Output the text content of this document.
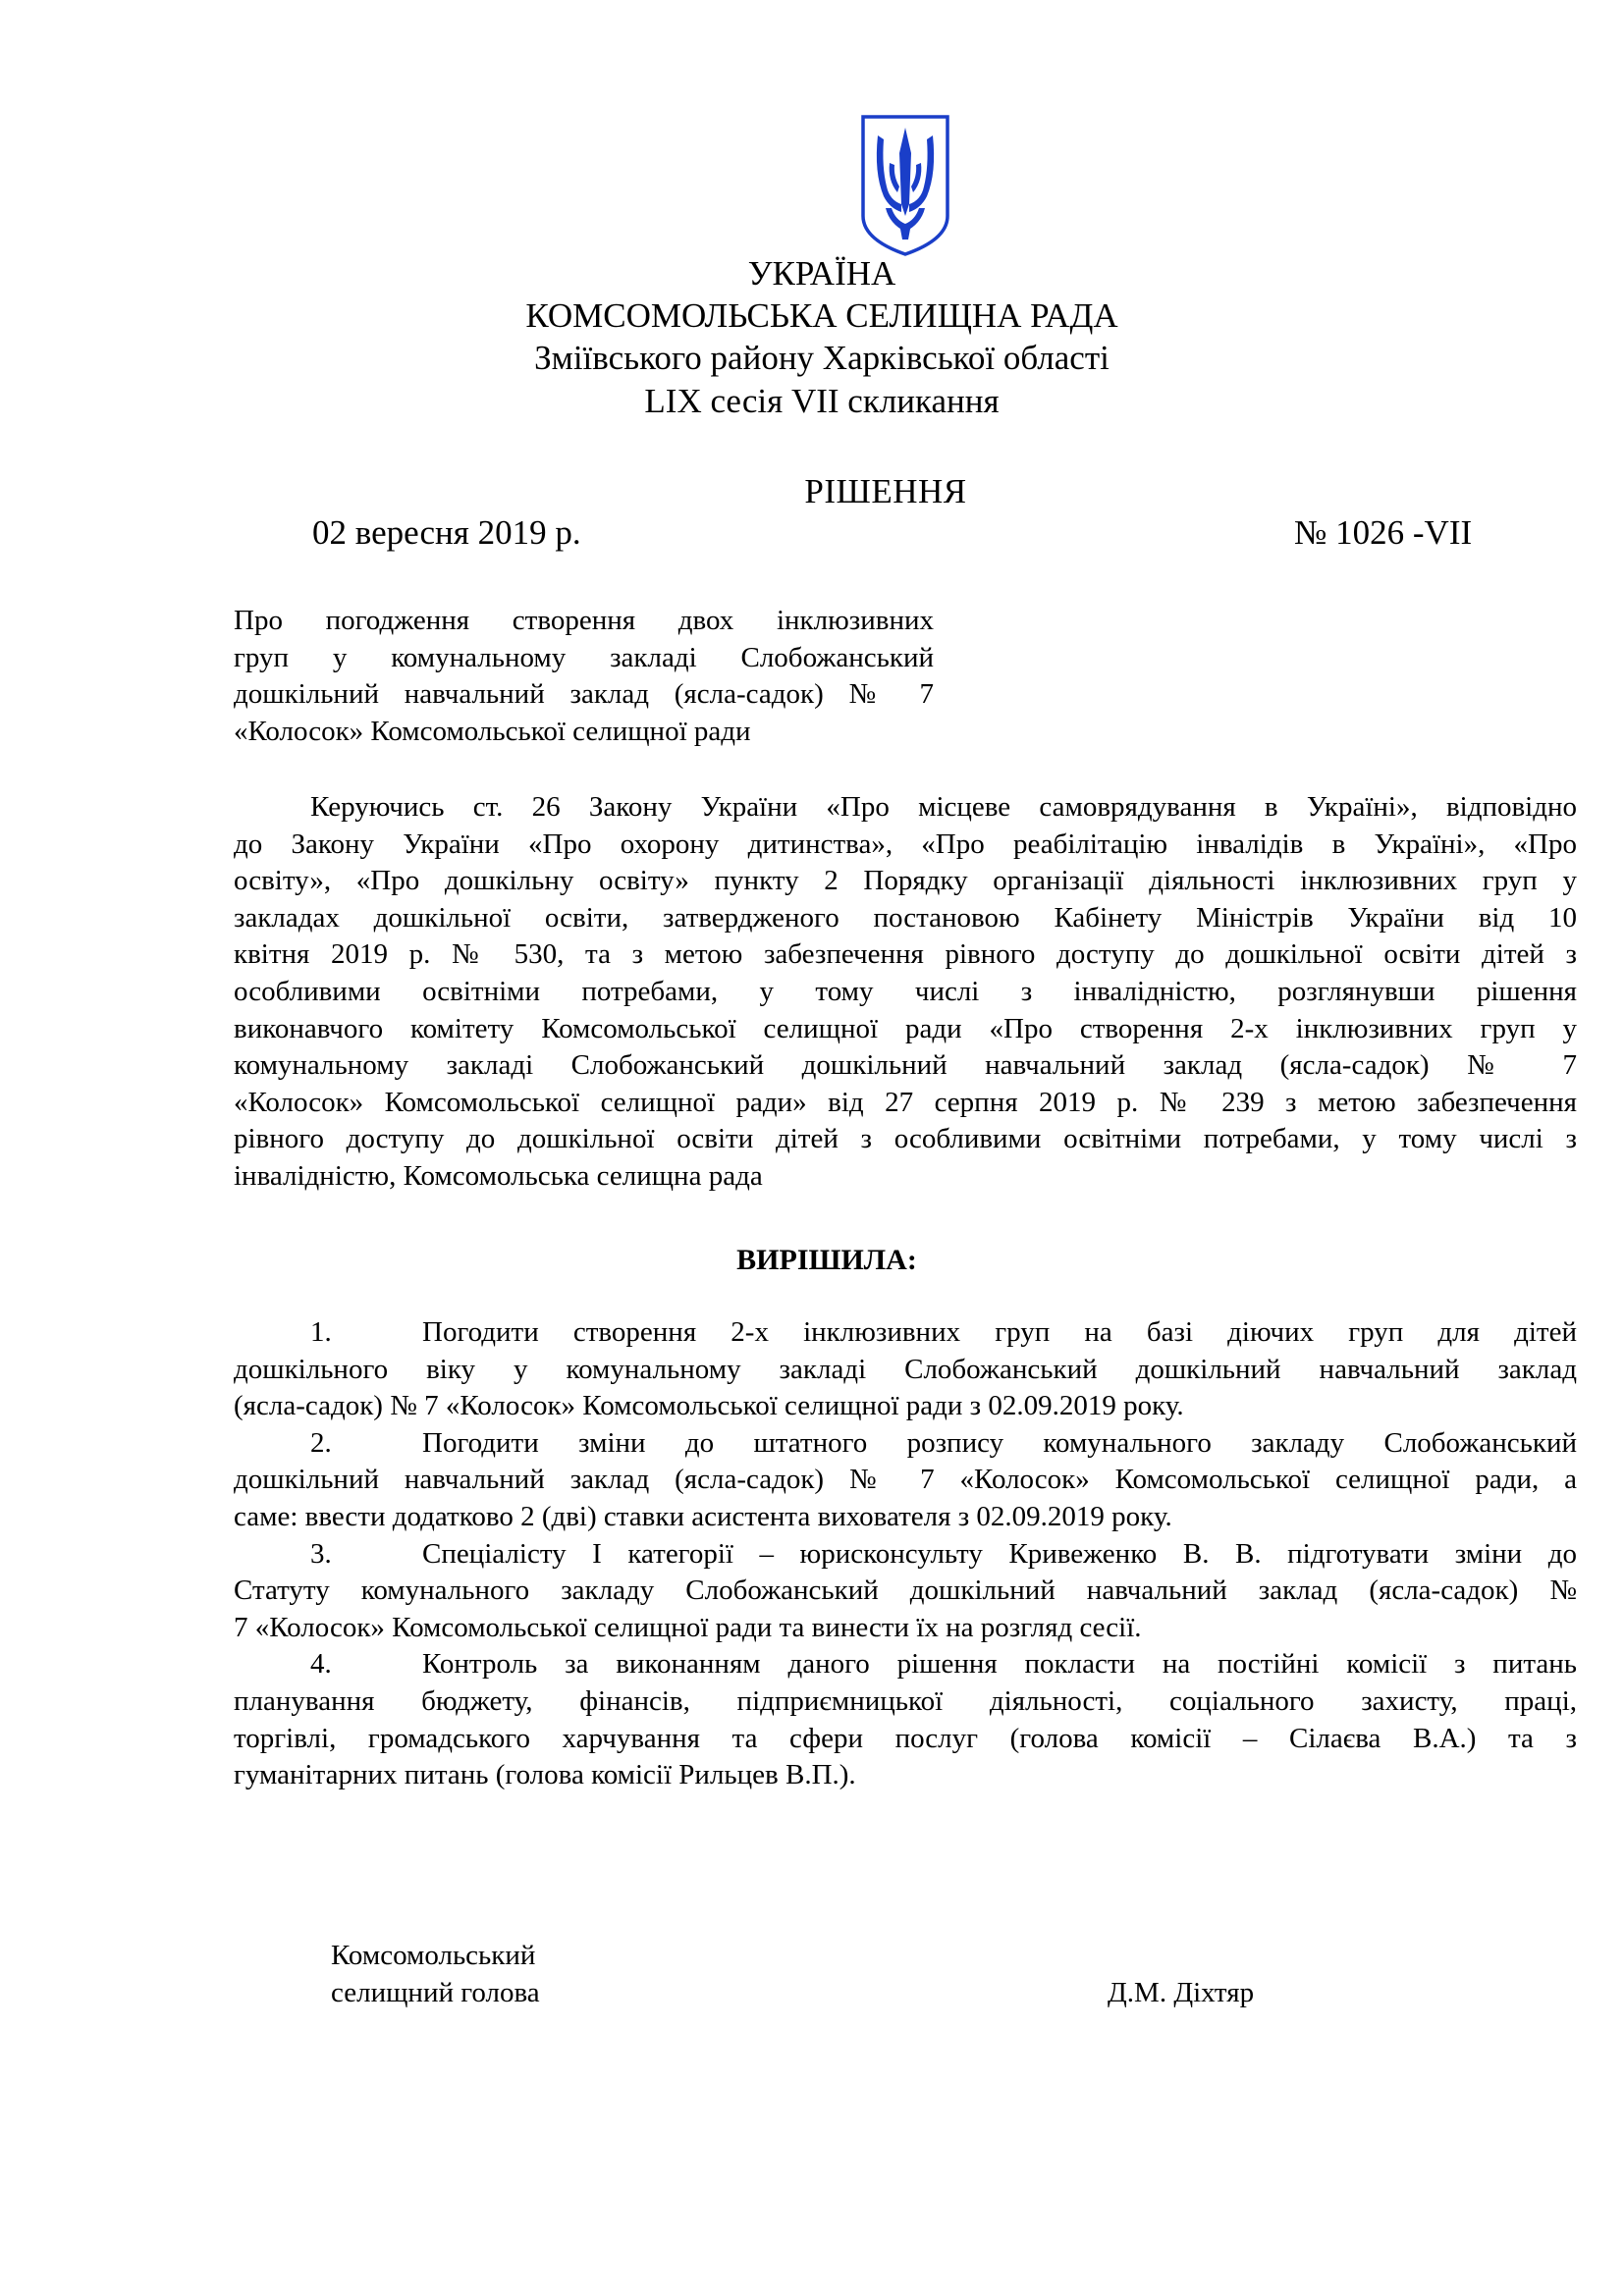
УКРАЇНА
КОМСОМОЛЬСЬКА СЕЛИЩНА РАДА
Зміївського району Харківської області
LIX сесія VII скликання
РІШЕННЯ
02 вересня 2019 р.	№ 1026 -VII
Про погодження створення двох інклюзивних
груп у комунальному закладі Слобожанський
дошкільний навчальний заклад (ясла-садок) № 7
«Колосок» Комсомольської селищної ради
Керуючись ст. 26 Закону України «Про місцеве самоврядування в Україні», відповідно
до Закону України «Про охорону дитинства», «Про реабілітацію інвалідів в Україні», «Про
освіту», «Про дошкільну освіту» пункту 2 Порядку організації діяльності інклюзивних груп у
закладах дошкільної освіти, затвердженого постановою Кабінету Міністрів України від 10
квітня 2019 р. № 530, та з метою забезпечення рівного доступу до дошкільної освіти дітей з
особливими освітніми потребами, у тому числі з інвалідністю, розглянувши рішення
виконавчого комітету Комсомольської селищної ради «Про створення 2-х інклюзивних груп у
комунальному закладі Слобожанський дошкільний навчальний заклад (ясла-садок) № 7
«Колосок» Комсомольської селищної ради» від 27 серпня 2019 р. № 239 з метою забезпечення
рівного доступу до дошкільної освіти дітей з особливими освітніми потребами, у тому числі з
інвалідністю, Комсомольська селищна рада
ВИРІШИЛА:
1.	Погодити створення 2-х інклюзивних груп на базі діючих груп для дітей
дошкільного віку у комунальному закладі Слобожанський дошкільний навчальний заклад
(ясла-садок) № 7 «Колосок» Комсомольської селищної ради з 02.09.2019 року.
2.	Погодити зміни до штатного розпису комунального закладу Слобожанський
дошкільний навчальний заклад (ясла-садок) № 7 «Колосок» Комсомольської селищної ради, а
саме: ввести додатково 2 (дві) ставки асистента вихователя з 02.09.2019 року.
3.	Спеціалісту I категорії – юрисконсульту Кривеженко В. В. підготувати зміни до
Статуту комунального закладу Слобожанський дошкільний навчальний заклад (ясла-садок) №
7 «Колосок» Комсомольської селищної ради та винести їх на розгляд сесії.
4.	Контроль за виконанням даного рішення покласти на постійні комісії з питань
планування бюджету, фінансів, підприємницької діяльності, соціального захисту, праці,
торгівлі, громадського харчування та сфери послуг (голова комісії – Сілаєва В.А.) та з
гуманітарних питань (голова комісії Рильцев В.П.).
Комсомольський
селищний голова	Д.М. Діхтяр
